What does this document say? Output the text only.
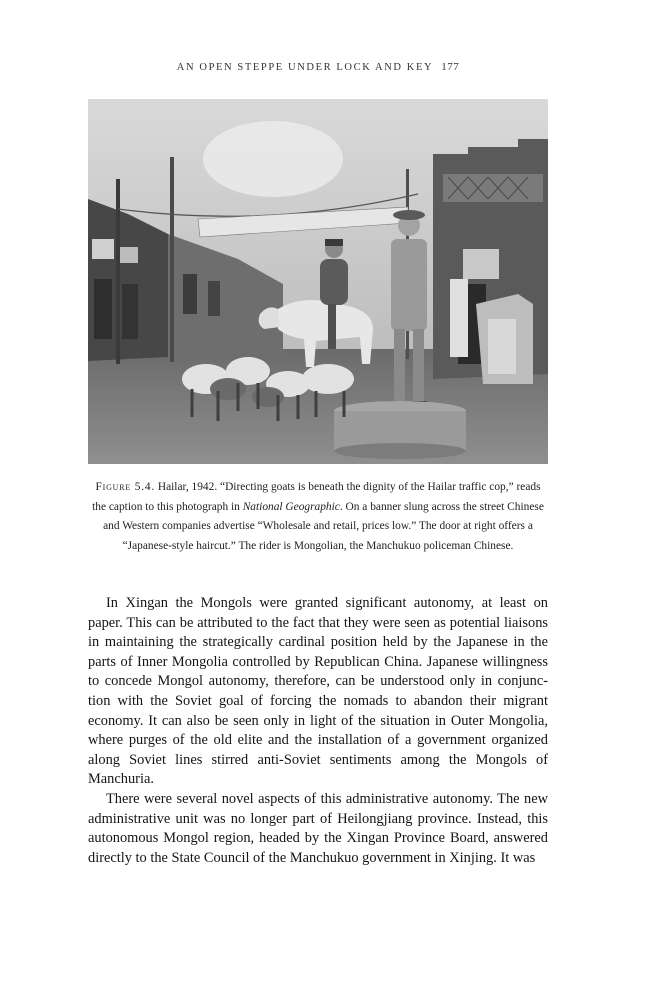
AN OPEN STEPPE UNDER LOCK AND KEY 177
Figure 5.4. Hailar, 1942. “Directing goats is beneath the dignity of the Hailar traffic cop,” reads the caption to this photograph in National Geographic. On a banner slung across the street Chinese and Western companies advertise “Wholesale and retail, prices low.” The door at right offers a “Japanese-style haircut.” The rider is Mongolian, the Manchukuo policeman Chinese.

In Xingan the Mongols were granted significant autonomy, at least on

paper. This can be attributed to the fact that they were seen as potential liaisons

in maintaining the strategically cardinal position held by the Japanese in the

parts of Inner Mongolia controlled by Republican China. Japanese willingness

to concede Mongol autonomy, therefore, can be understood only in conjunc-

tion with the Soviet goal of forcing the nomads to abandon their migrant

economy. It can also be seen only in light of the situation in Outer Mongolia,

where purges of the old elite and the installation of a government organized

along Soviet lines stirred anti-Soviet sentiments among the Mongols of

Manchuria.

There were several novel aspects of this administrative autonomy. The new

administrative unit was no longer part of Heilongjiang province. Instead, this

autonomous Mongol region, headed by the Xingan Province Board, answered

directly to the State Council of the Manchukuo government in Xinjing. It was
